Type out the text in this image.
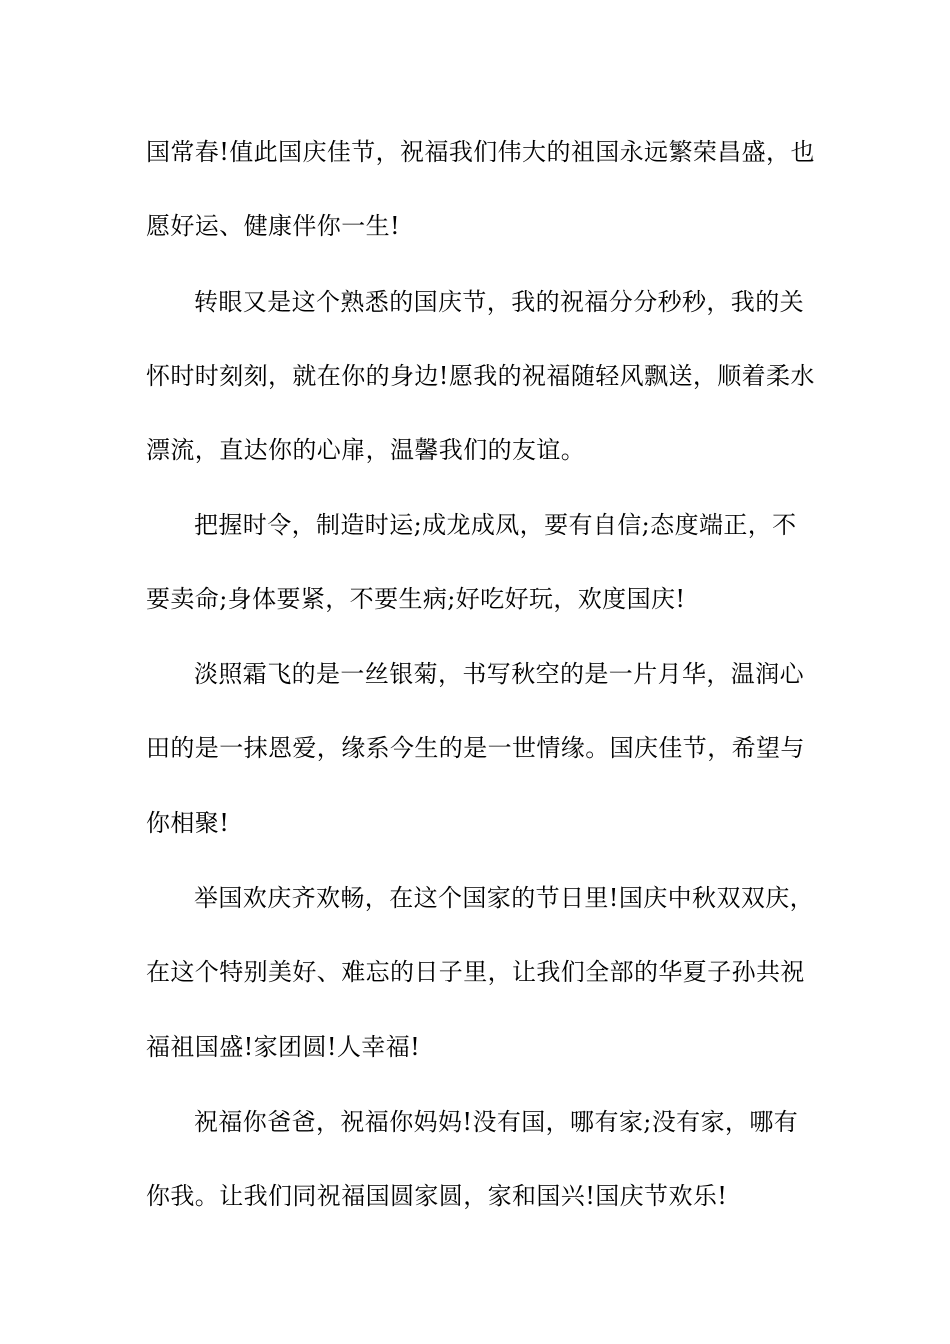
国常春!值此国庆佳节，祝福我们伟大的祖国永远繁荣昌盛，也
愿好运、健康伴你一生!
转眼又是这个熟悉的国庆节，我的祝福分分秒秒，我的关
怀时时刻刻，就在你的身边!愿我的祝福随轻风飘送，顺着柔水
漂流，直达你的心扉，温馨我们的友谊。
把握时令，制造时运;成龙成凤，要有自信;态度端正，不
要卖命;身体要紧，不要生病;好吃好玩，欢度国庆!
淡照霜飞的是一丝银菊，书写秋空的是一片月华，温润心
田的是一抹恩爱，缘系今生的是一世情缘。国庆佳节，希望与
你相聚!
举国欢庆齐欢畅，在这个国家的节日里!国庆中秋双双庆，
在这个特别美好、难忘的日子里，让我们全部的华夏子孙共祝
福祖国盛!家团圆!人幸福!
祝福你爸爸，祝福你妈妈!没有国，哪有家;没有家，哪有
你我。让我们同祝福国圆家圆，家和国兴!国庆节欢乐!
